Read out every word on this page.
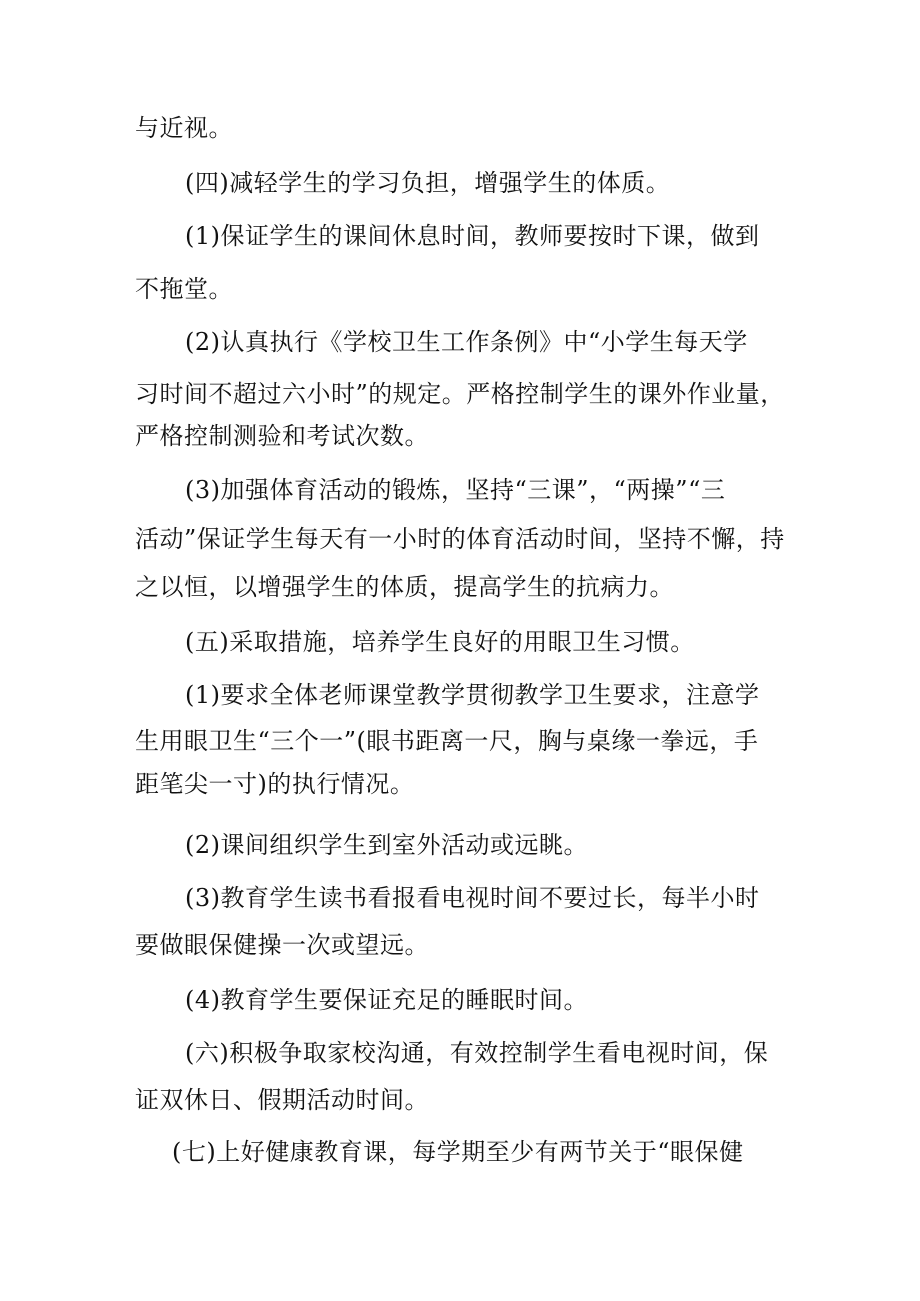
与近视。
(四)减轻学生的学习负担，增强学生的体质。
(1)保证学生的课间休息时间，教师要按时下课，做到
不拖堂。
(2)认真执行《学校卫生工作条例》中“小学生每天学
习时间不超过六小时”的规定。严格控制学生的课外作业量，
严格控制测验和考试次数。
(3)加强体育活动的锻炼，坚持“三课”，“两操”“三
活动”保证学生每天有一小时的体育活动时间，坚持不懈，持
之以恒，以增强学生的体质，提高学生的抗病力。
(五)采取措施，培养学生良好的用眼卫生习惯。
(1)要求全体老师课堂教学贯彻教学卫生要求，注意学
生用眼卫生“三个一”(眼书距离一尺，胸与桌缘一拳远，手
距笔尖一寸)的执行情况。
(2)课间组织学生到室外活动或远眺。
(3)教育学生读书看报看电视时间不要过长，每半小时
要做眼保健操一次或望远。
(4)教育学生要保证充足的睡眠时间。
(六)积极争取家校沟通，有效控制学生看电视时间，保
证双休日、假期活动时间。
(七)上好健康教育课，每学期至少有两节关于“眼保健
